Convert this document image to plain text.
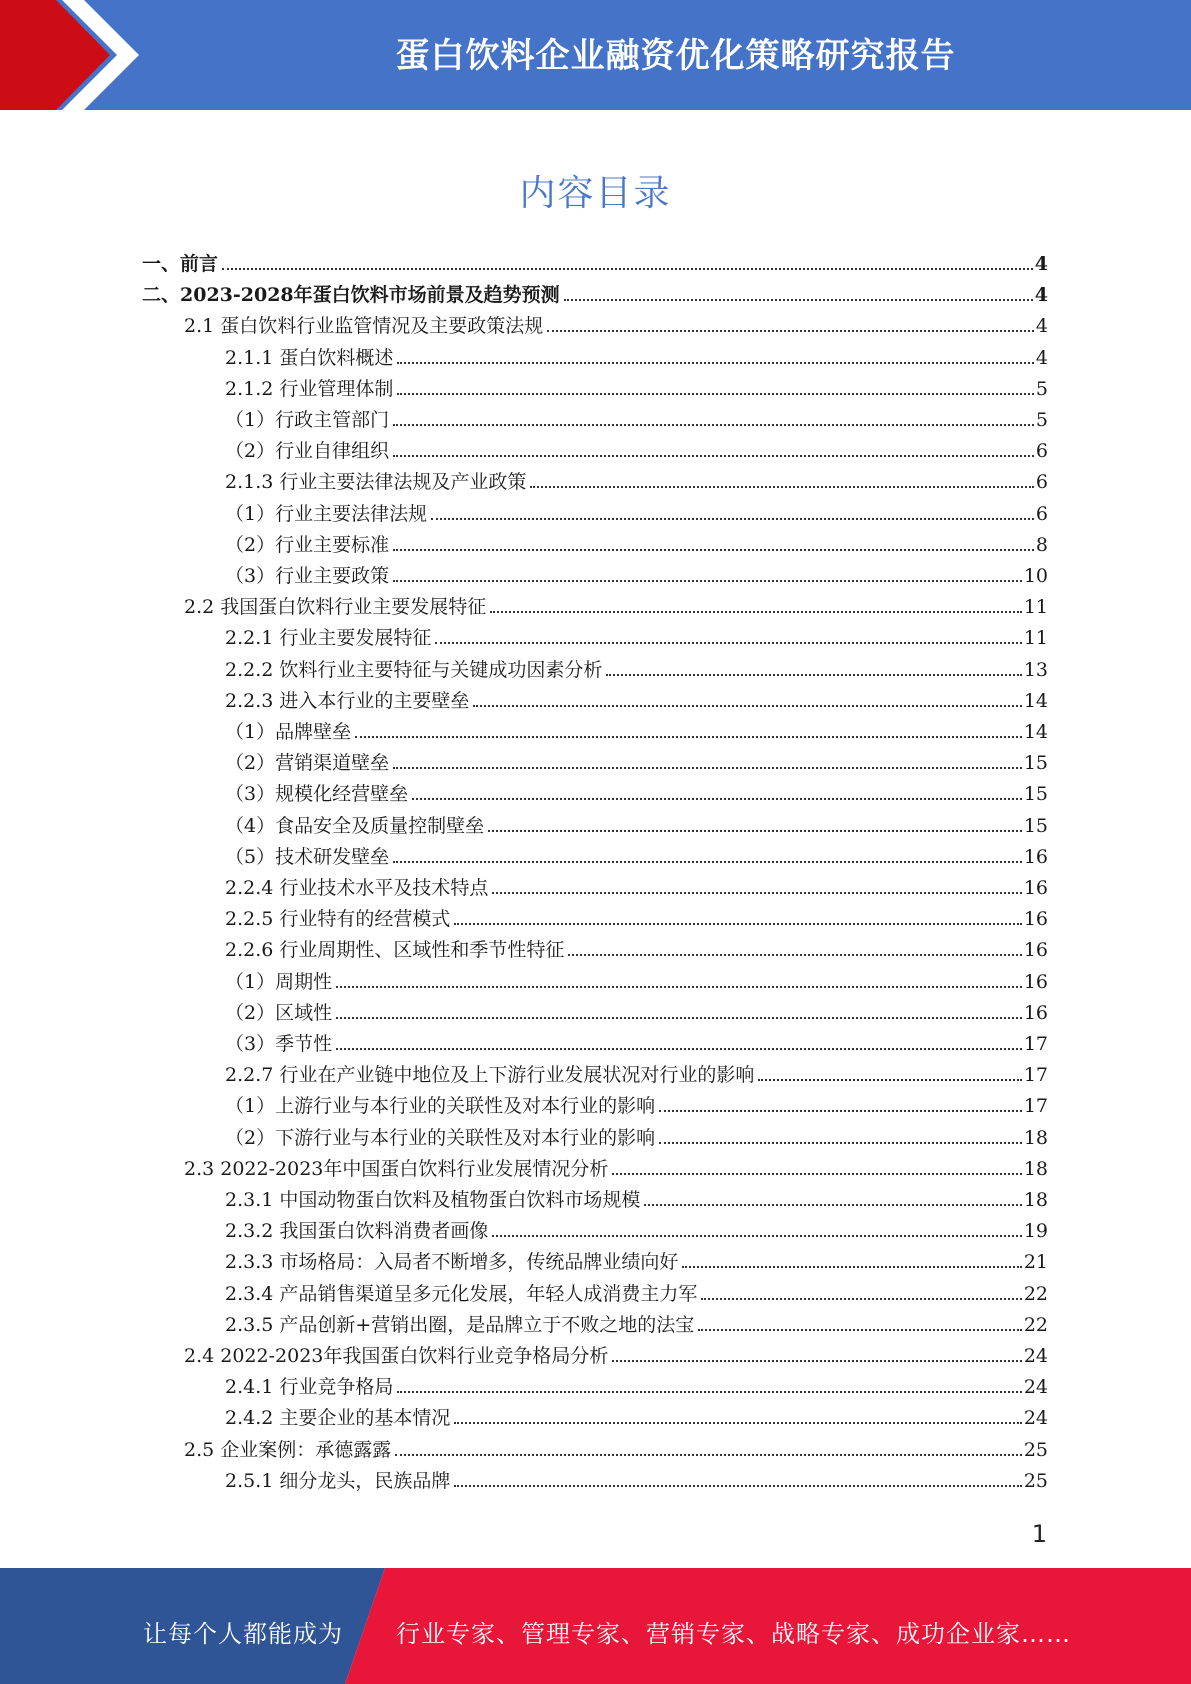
蛋白饮料企业融资优化策略研究报告
内容目录
一、前言	4
二、2023-2028年蛋白饮料市场前景及趋势预测	4
2.1 蛋白饮料行业监管情况及主要政策法规	4
2.1.1 蛋白饮料概述	4
2.1.2 行业管理体制	5
（1）行政主管部门	5
（2）行业自律组织	6
2.1.3 行业主要法律法规及产业政策	6
（1）行业主要法律法规	6
（2）行业主要标准	8
（3）行业主要政策	10
2.2 我国蛋白饮料行业主要发展特征	11
2.2.1 行业主要发展特征	11
2.2.2 饮料行业主要特征与关键成功因素分析	13
2.2.3 进入本行业的主要壁垒	14
（1）品牌壁垒	14
（2）营销渠道壁垒	15
（3）规模化经营壁垒	15
（4）食品安全及质量控制壁垒	15
（5）技术研发壁垒	16
2.2.4 行业技术水平及技术特点	16
2.2.5 行业特有的经营模式	16
2.2.6 行业周期性、区域性和季节性特征	16
（1）周期性	16
（2）区域性	16
（3）季节性	17
2.2.7 行业在产业链中地位及上下游行业发展状况对行业的影响	17
（1）上游行业与本行业的关联性及对本行业的影响	17
（2）下游行业与本行业的关联性及对本行业的影响	18
2.3 2022-2023年中国蛋白饮料行业发展情况分析	18
2.3.1 中国动物蛋白饮料及植物蛋白饮料市场规模	18
2.3.2 我国蛋白饮料消费者画像	19
2.3.3 市场格局：入局者不断增多，传统品牌业绩向好	21
2.3.4 产品销售渠道呈多元化发展，年轻人成消费主力军	22
2.3.5 产品创新+营销出圈，是品牌立于不败之地的法宝	22
2.4 2022-2023年我国蛋白饮料行业竞争格局分析	24
2.4.1 行业竞争格局	24
2.4.2 主要企业的基本情况	24
2.5 企业案例：承德露露	25
2.5.1 细分龙头，民族品牌	25
1
让每个人都能成为 行业专家、管理专家、营销专家、战略专家、成功企业家……
